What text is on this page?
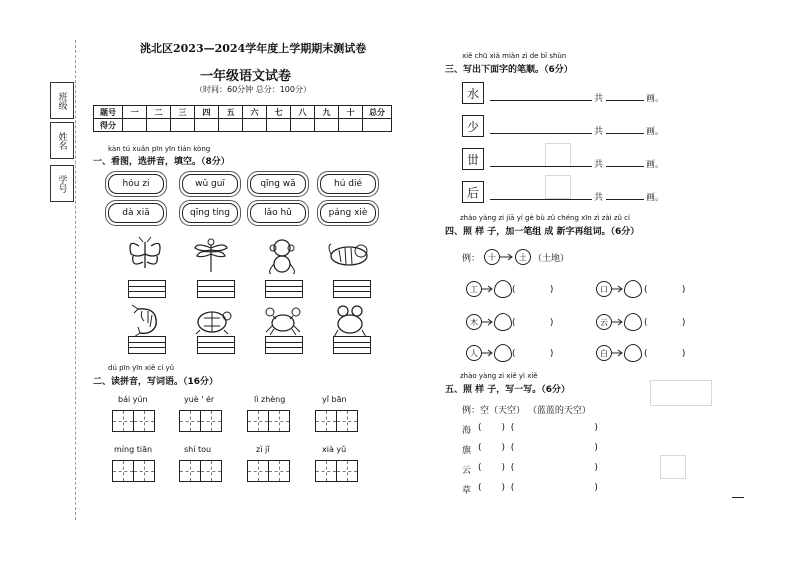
班级
姓名
学号
洮北区2023—2024学年度上学期期末测试卷
一年级语文试卷
（时间：60分钟 总分：100分）
题号	一	二	三	四	五	六	七	八	九	十	总分
得分											
kàn tú xuǎn pīn yīn tián kòng
一、看图，选拼音，填空。（8分）
hóu zi	wū guī	qīng wā	hú dié
dà xiā	qīng tíng	lǎo hǔ	páng xiè
dú pīn yīn xiě cí yǔ
二、读拼音，写词语。（16分）
bái yún	yuè ' ér	lì zhèng	yǐ bān
míng tiān	shí tou	zì jǐ	xià yǔ
xiě chū xià miàn zì de bǐ shùn
三、写出下面字的笔顺。（6分）
水	共	画。
少	共	画。
丗	共	画。
后	共	画。
zhào yàng zi jiā yí gè bù zǔ chéng xīn zì zài zǔ cí
四、照 样 子，加一笔组 成 新字再组词。（6分）
例： 十	土 （土地）
工	(            )	口	(            )
木	(            )	云	(            )
人	(            )	白	(            )
zhào yàng zi xiě yì xiě
五、照 样 子，写一写。（6分）
例：空（天空） （蓝蓝的天空）
海 (       )  (                            )
旗 (       )  (                            )
云 (       )  (                            )
草 (       )  (                            )
